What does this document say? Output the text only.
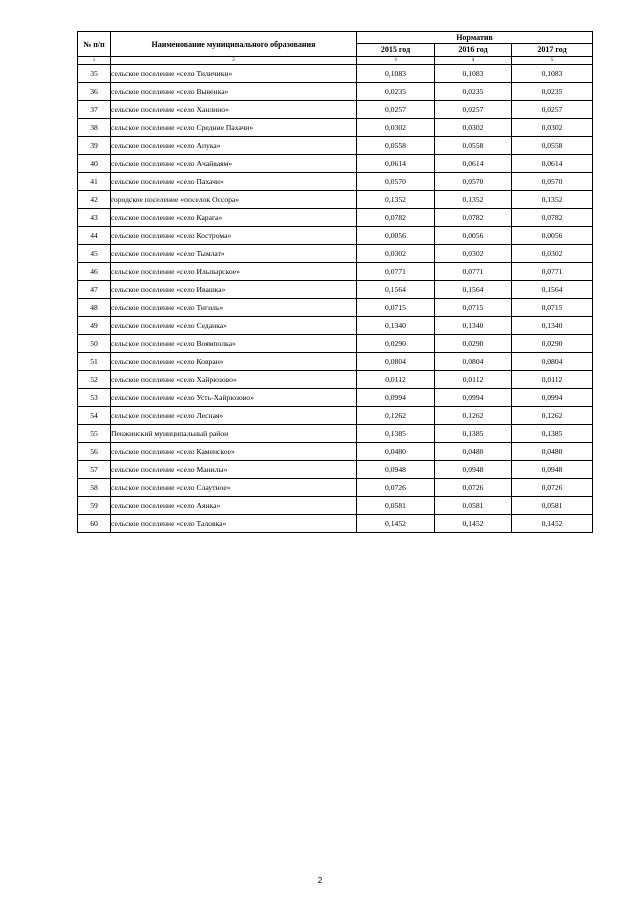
№ п/п	Наименование муниципального образования	Норматив		
		2015 год	2016 год	2017 год
1	2	3	4	5
35	сельское поселение «село Тиличики»	0,1083	0,1083	0,1083
36	сельское поселение «село Вывенка»	0,0235	0,0235	0,0235
37	сельское поселение «село Хаилино»	0,0257	0,0257	0,0257
38	сельское поселение «село Средние Пахачи»	0,0302	0,0302	0,0302
39	сельское поселение «село Апука»	0,0558	0,0558	0,0558
40	сельское поселение «село Ачайваям»	0,0614	0,0614	0,0614
41	сельское поселение «село Пахачи»	0,0570	0,0570	0,0570
42	городское поселение «поселок Оссора»	0,1352	0,1352	0,1352
43	сельское поселение «село Карага»	0,0782	0,0782	0,0782
44	сельское поселение «село Кострома»	0,0056	0,0056	0,0056
45	сельское поселение «село Тымлат»	0,0302	0,0302	0,0302
46	сельское поселение «село Ильпырское»	0,0771	0,0771	0,0771
47	сельское поселение «село Ивашка»	0,1564	0,1564	0,1564
48	сельское поселение «село Тигиль»	0,0715	0,0715	0,0715
49	сельское поселение «село Седанка»	0,1340	0,1340	0,1340
50	сельское поселение «село Воямполка»	0,0290	0,0290	0,0290
51	сельское поселение «село Ковран»	0,0804	0,0804	0,0804
52	сельское поселение «село Хайрюзово»	0,0112	0,0112	0,0112
53	сельское поселение «село Усть-Хайрюзово»	0,0994	0,0994	0,0994
54	сельское поселение «село Лесная»	0,1262	0,1262	0,1262
55	Пенжинский муниципальный район	0,1385	0,1385	0,1385
56	сельское поселение «село Каменское»	0,0480	0,0480	0,0480
57	сельское поселение «село Манилы»	0,0948	0,0948	0,0948
58	сельское поселение «село Слаутное»	0,0726	0,0726	0,0726
59	сельское поселение «село Аянка»	0,0581	0,0581	0,0581
60	сельское поселение «село Таловка»	0,1452	0,1452	0,1452
2
